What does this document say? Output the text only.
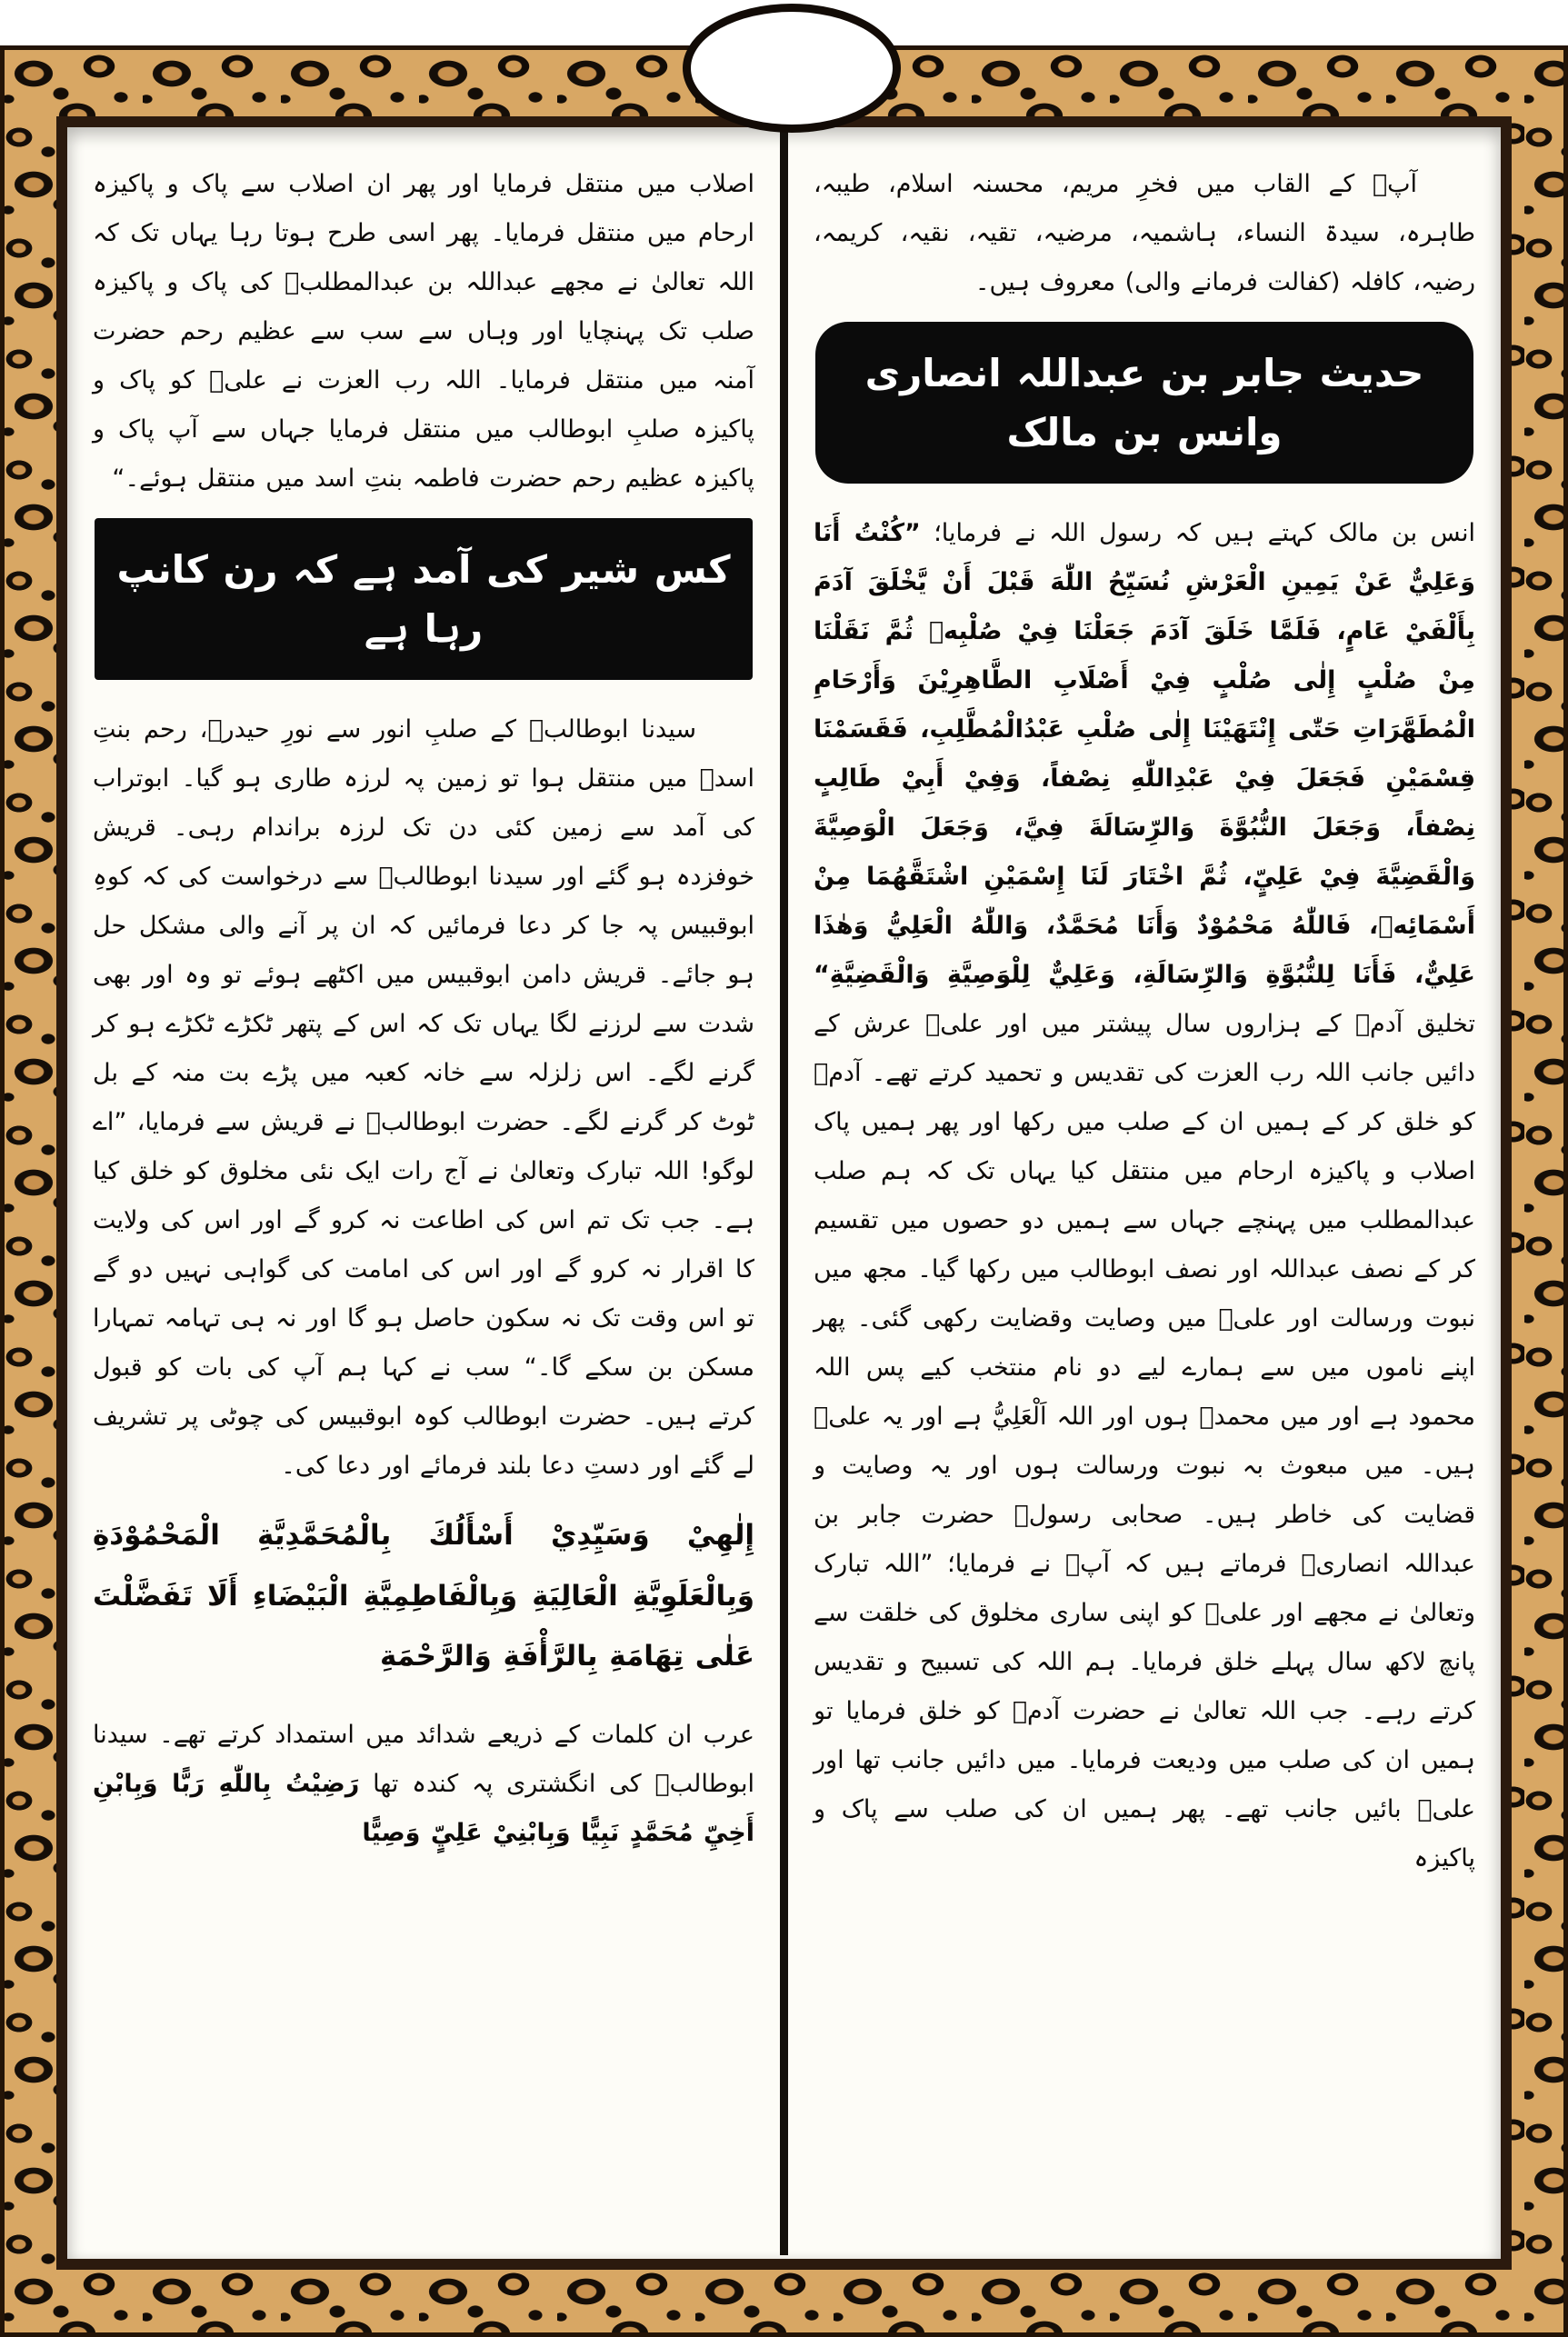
آپؑ کے القاب میں فخرِ مریم، محسنہ اسلام، طیبہ، طاہرہ، سیدۃ النساء، ہاشمیہ، مرضیہ، تقیہ، نقیہ، کریمہ، رضیہ، کافلہ (کفالت فرمانے والی) معروف ہیں۔

حدیث جابر بن عبداللہ انصاری وانس بن مالک

انس بن مالک کہتے ہیں کہ رسول اللہ نے فرمایا؛ ”كُنْتُ أَنَا وَعَلِيٌّ عَنْ يَمِينِ الْعَرْشِ نُسَبِّحُ اللّٰهَ قَبْلَ أَنْ يَّخْلَقَ آدَمَ بِأَلْفَيْ عَامٍ، فَلَمَّا خَلَقَ آدَمَ جَعَلْنَا فِيْ صُلْبِهٖ ثُمَّ نَقَلْنَا مِنْ صُلْبٍ إِلٰى صُلْبٍ فِيْ أَصْلَابِ الطَّاهِرِيْنَ وَأَرْحَامِ الْمُطَهَّرَاتِ حَتّٰى إِنْتَهَيْنَا إِلٰى صُلْبِ عَبْدُالْمُطَّلِبِ، فَقَسَمْنَا قِسْمَيْنِ فَجَعَلَ فِيْ عَبْدِاللّٰهِ نِصْفاً، وَفِيْ أَبِيْ طَالِبٍ نِصْفاً، وَجَعَلَ النُّبُوَّةَ وَالرِّسَالَةَ فِيَّ، وَجَعَلَ الْوَصِيَّةَ وَالْقَضِيَّةَ فِيْ عَلِيٍّ، ثُمَّ اخْتَارَ لَنَا إِسْمَيْنِ اشْتَقَّهُمَا مِنْ أَسْمَائِهٖ، فَاللّٰهُ مَحْمُوْدٌ وَأَنَا مُحَمَّدٌ، وَاللّٰهُ الْعَلِيُّ وَهٰذَا عَلِيٌّ، فَأَنَا لِلنُّبُوَّةِ وَالرِّسَالَةِ، وَعَلِيٌّ لِلْوَصِيَّةِ وَالْقَضِيَّةِ“ تخلیق آدمؑ کے ہزاروں سال پیشتر میں اور علیؑ عرش کے دائیں جانب اللہ رب العزت کی تقدیس و تحمید کرتے تھے۔ آدمؑ کو خلق کر کے ہمیں ان کے صلب میں رکھا اور پھر ہمیں پاک اصلاب و پاکیزہ ارحام میں منتقل کیا یہاں تک کہ ہم صلب عبدالمطلب میں پہنچے جہاں سے ہمیں دو حصوں میں تقسیم کر کے نصف عبداللہ اور نصف ابوطالب میں رکھا گیا۔ مجھ میں نبوت ورسالت اور علیؑ میں وصایت وقضایت رکھی گئی۔ پھر اپنے ناموں میں سے ہمارے لیے دو نام منتخب کیے پس اللہ محمود ہے اور میں محمدؐ ہوں اور اللہ اَلْعَلِيُّ ہے اور یہ علیؑ ہیں۔ میں مبعوث بہ نبوت ورسالت ہوں اور یہ وصایت و قضایت کی خاطر ہیں۔ صحابی رسولؐ حضرت جابر بن عبداللہ انصاریؓ فرماتے ہیں کہ آپؐ نے فرمایا؛ ”اللہ تبارک وتعالیٰ نے مجھے اور علیؑ کو اپنی ساری مخلوق کی خلقت سے پانچ لاکھ سال پہلے خلق فرمایا۔ ہم اللہ کی تسبیح و تقدیس کرتے رہے۔ جب اللہ تعالیٰ نے حضرت آدمؑ کو خلق فرمایا تو ہمیں ان کی صلب میں ودیعت فرمایا۔ میں دائیں جانب تھا اور علیؑ بائیں جانب تھے۔ پھر ہمیں ان کی صلب سے پاک و پاکیزہ

اصلاب میں منتقل فرمایا اور پھر ان اصلاب سے پاک و پاکیزہ ارحام میں منتقل فرمایا۔ پھر اسی طرح ہوتا رہا یہاں تک کہ اللہ تعالیٰ نے مجھے عبداللہ بن عبدالمطلبؑ کی پاک و پاکیزہ صلب تک پہنچایا اور وہاں سے سب سے عظیم رحم حضرت آمنہ میں منتقل فرمایا۔ اللہ رب العزت نے علیؑ کو پاک و پاکیزہ صلبِ ابوطالب میں منتقل فرمایا جہاں سے آپ پاک و پاکیزہ عظیم رحم حضرت فاطمہ بنتِ اسد میں منتقل ہوئے۔“

کس شیر کی آمد ہے کہ رن کانپ رہا ہے

سیدنا ابوطالبؑ کے صلبِ انور سے نورِ حیدرؑ، رحم بنتِ اسدؑ میں منتقل ہوا تو زمین پہ لرزہ طاری ہو گیا۔ ابوتراب کی آمد سے زمین کئی دن تک لرزہ براندام رہی۔ قریش خوفزدہ ہو گئے اور سیدنا ابوطالبؑ سے درخواست کی کہ کوہِ ابوقبیس پہ جا کر دعا فرمائیں کہ ان پر آنے والی مشکل حل ہو جائے۔ قریش دامن ابوقبیس میں اکٹھے ہوئے تو وہ اور بھی شدت سے لرزنے لگا یہاں تک کہ اس کے پتھر ٹکڑے ٹکڑے ہو کر گرنے لگے۔ اس زلزلہ سے خانہ کعبہ میں پڑے بت منہ کے بل ٹوٹ کر گرنے لگے۔ حضرت ابوطالبؑ نے قریش سے فرمایا، ”اے لوگو! اللہ تبارک وتعالیٰ نے آج رات ایک نئی مخلوق کو خلق کیا ہے۔ جب تک تم اس کی اطاعت نہ کرو گے اور اس کی ولایت کا اقرار نہ کرو گے اور اس کی امامت کی گواہی نہیں دو گے تو اس وقت تک نہ سکون حاصل ہو گا اور نہ ہی تہامہ تمہارا مسکن بن سکے گا۔“ سب نے کہا ہم آپ کی بات کو قبول کرتے ہیں۔ حضرت ابوطالب کوہ ابوقبیس کی چوٹی پر تشریف لے گئے اور دستِ دعا بلند فرمائے اور دعا کی۔

إِلٰهِيْ وَسَيِّدِيْ أَسْأَلُكَ بِالْمُحَمَّدِيَّةِ الْمَحْمُوْدَةِ وَبِالْعَلَوِيَّةِ الْعَالِيَةِ وَبِالْفَاطِمِيَّةِ الْبَيْضَاءِ أَلَا تَفَضَّلْتَ عَلٰى تِهَامَةِ بِالرَّأْفَةِ وَالرَّحْمَةِ

عرب ان کلمات کے ذریعے شدائد میں استمداد کرتے تھے۔ سیدنا ابوطالبؑ کی انگشتری پہ کندہ تھا رَضِيْتُ بِاللّٰهِ رَبًّا وَبِابْنِ أَخِيِّ مُحَمَّدٍ نَبِيًّا وَبِابْنِيْ عَلِيٍّ وَصِيًّا
